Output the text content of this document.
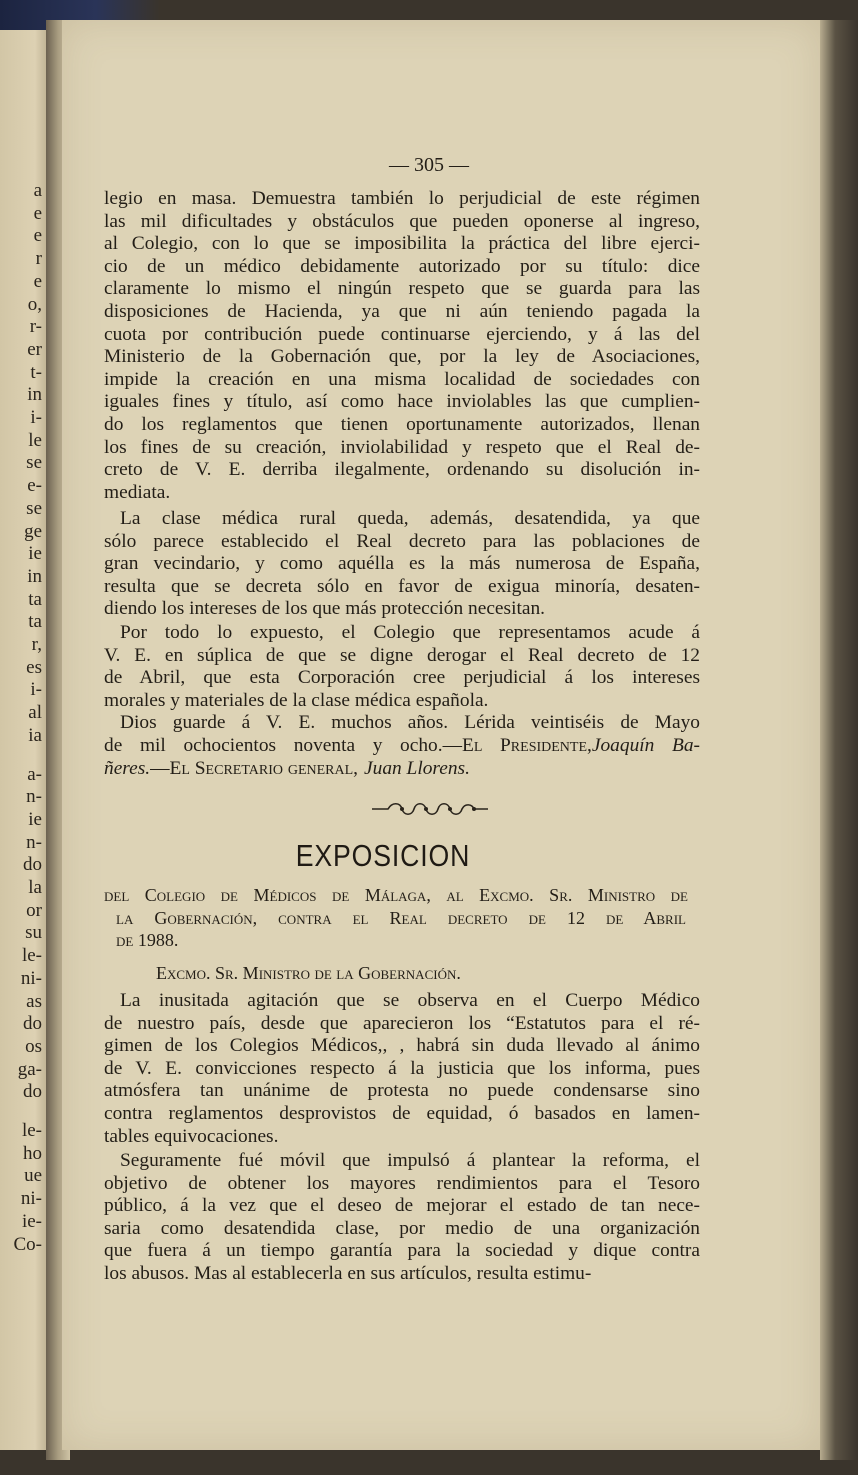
a
e
e
r
e
o,
r-
er
t-
in
i-
le
se
e-
se
ge
ie
in
ta
ta
r,
es
i-
al
ia
a-
n-
ie
n-
do
la
or
su
le-
ni-
as
do
os
ga-
do
le-
ho
ue
ni-
ie-
Co-
— 305 —
legio en masa. Demuestra también lo perjudicial de este régimen
las mil dificultades y obstáculos que pueden oponerse al ingreso,
al Colegio, con lo que se imposibilita la práctica del libre ejerci-
cio de un médico debidamente autorizado por su título: dice
claramente lo mismo el ningún respeto que se guarda para las
disposiciones de Hacienda, ya que ni aún teniendo pagada la
cuota por contribución puede continuarse ejerciendo, y á las del
Ministerio de la Gobernación que, por la ley de Asociaciones,
impide la creación en una misma localidad de sociedades con
iguales fines y título, así como hace inviolables las que cumplien-
do los reglamentos que tienen oportunamente autorizados, llenan
los fines de su creación, inviolabilidad y respeto que el Real de-
creto de V. E. derriba ilegalmente, ordenando su disolución in-
mediata.
La clase médica rural queda, además, desatendida, ya que
sólo parece establecido el Real decreto para las poblaciones de
gran vecindario, y como aquélla es la más numerosa de España,
resulta que se decreta sólo en favor de exigua minoría, desaten-
diendo los intereses de los que más protección necesitan.
Por todo lo expuesto, el Colegio que representamos acude á
V. E. en súplica de que se digne derogar el Real decreto de 12
de Abril, que esta Corporación cree perjudicial á los intereses
morales y materiales de la clase médica española.
Dios guarde á V. E. muchos años. Lérida veintiséis de Mayo
de mil ochocientos noventa y ocho.—El Presidente,Joaquín Ba-
ñeres.—El Secretario general, Juan Llorens.
del Colegio de Médicos de Málaga, al Excmo. Sr. Ministro de
la Gobernación, contra el Real decreto de 12 de Abril
de 1988.
Excmo. Sr. Ministro de la Gobernación.
La inusitada agitación que se observa en el Cuerpo Médico
de nuestro país, desde que aparecieron los “Estatutos para el ré-
gimen de los Colegios Médicos,, , habrá sin duda llevado al ánimo
de V. E. convicciones respecto á la justicia que los informa, pues
atmósfera tan unánime de protesta no puede condensarse sino
contra reglamentos desprovistos de equidad, ó basados en lamen-
tables equivocaciones.
Seguramente fué móvil que impulsó á plantear la reforma, el
objetivo de obtener los mayores rendimientos para el Tesoro
público, á la vez que el deseo de mejorar el estado de tan nece-
saria como desatendida clase, por medio de una organización
que fuera á un tiempo garantía para la sociedad y dique contra
los abusos. Mas al establecerla en sus artículos, resulta estimu-
EXPOSICION
